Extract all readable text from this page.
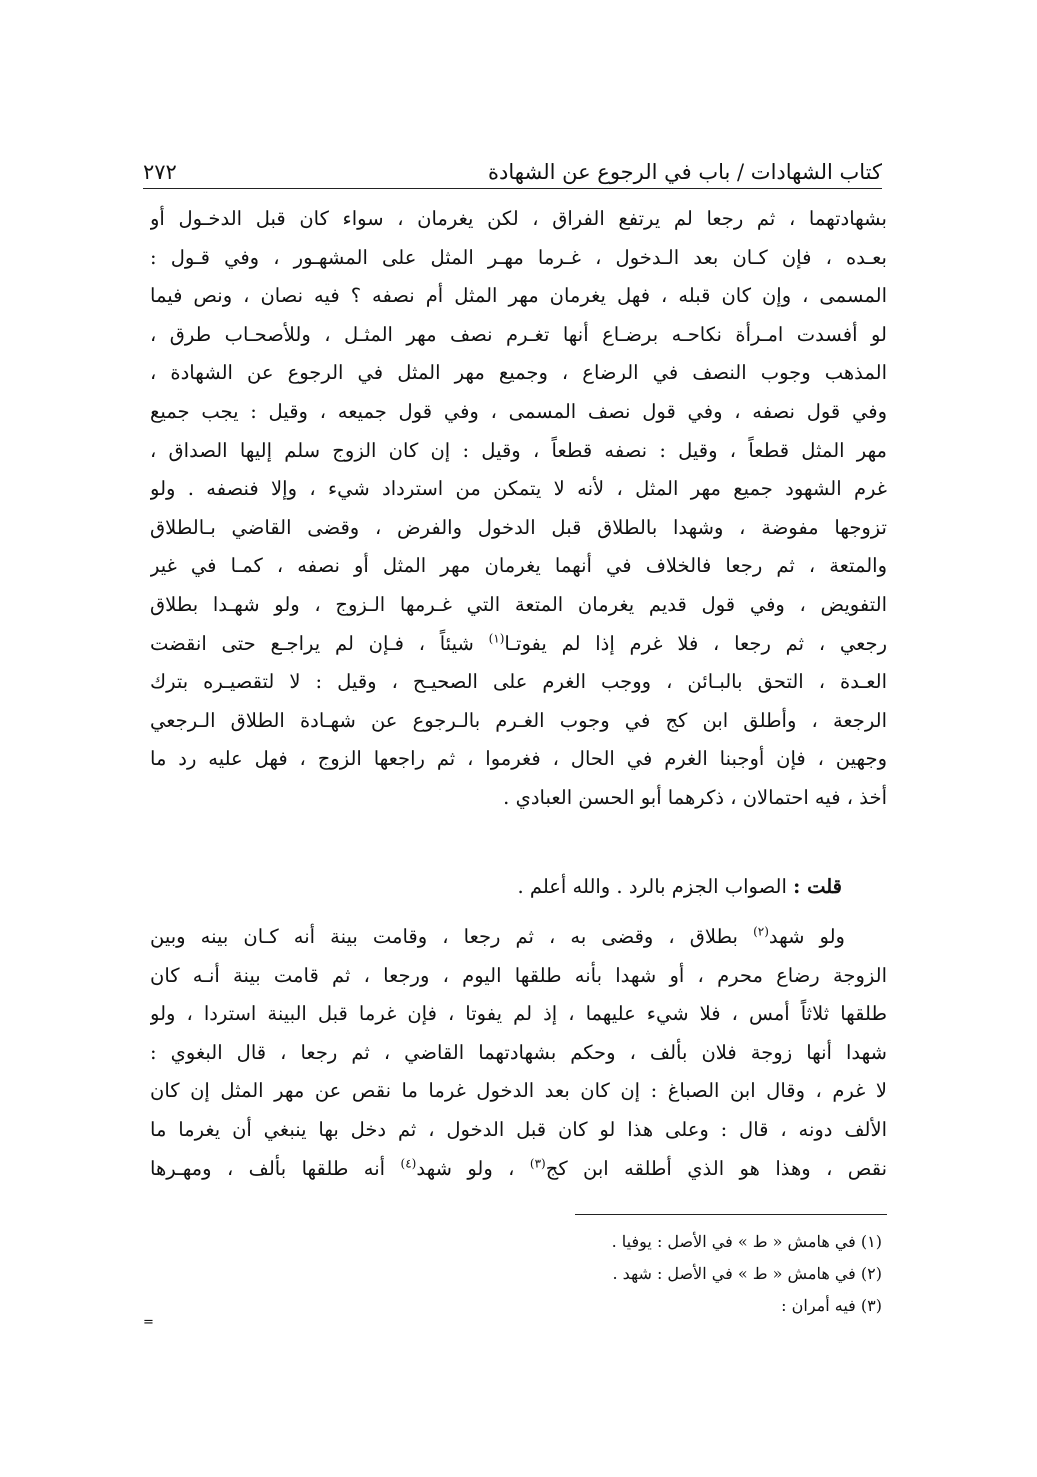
كتاب الشهادات / باب في الرجوع عن الشهادة
٢٧٢
بشهادتهما ، ثم رجعا لم يرتفع الفراق ، لكن يغرمان ، سواء كان قبل الدخـول أو
بعـده ، فإن كـان بعد الـدخول ، غـرما مهـر المثل على المشهـور ، وفي قـول :
المسمى ، وإن كان قبله ، فهل يغرمان مهر المثل أم نصفه ؟ فيه نصان ، ونص فيما
لو أفسدت امـرأة نكاحـه برضـاع أنها تغـرم نصف مهر المثـل ، وللأصحـاب طرق ،
المذهب وجوب النصف في الرضاع ، وجميع مهر المثل في الرجوع عن الشهادة ،
وفي قول نصفه ، وفي قول نصف المسمى ، وفي قول جميعه ، وقيل : يجب جميع
مهر المثل قطعاً ، وقيل : نصفه قطعاً ، وقيل : إن كان الزوج سلم إليها الصداق ،
غرم الشهود جميع مهر المثل ، لأنه لا يتمكن من استرداد شيء ، وإلا فنصفه . ولو
تزوجها مفوضة ، وشهدا بالطلاق قبل الدخول والفرض ، وقضى القاضي بـالطلاق
والمتعة ، ثم رجعا فالخلاف في أنهما يغرمان مهر المثل أو نصفه ، كمـا في غير
التفويض ، وفي قول قديم يغرمان المتعة التي غـرمها الـزوج ، ولو شهـدا بطلاق
رجعي ، ثم رجعا ، فلا غرم إذا لم يفوتـا$^{(١)}$ شيئاً ، فـإن لم يراجـع حتى انقضت
العـدة ، التحق بالبـائن ، ووجب الغرم على الصحيـح ، وقيل : لا لتقصيـره بترك
الرجعة ، وأطلق ابن كج في وجوب الغـرم بالـرجوع عن شهـادة الطلاق الـرجعي
وجهين ، فإن أوجبنا الغرم في الحال ، فغرموا ، ثم راجعها الزوج ، فهل عليه رد ما
أخذ ، فيه احتمالان ، ذكرهما أبو الحسن العبادي .
قلت : الصواب الجزم بالرد . والله أعلم .
ولو شهد$^{(٢)}$ بطلاق ، وقضى به ، ثم رجعا ، وقامت بينة أنه كـان بينه وبين
الزوجة رضاع محرم ، أو شهدا بأنه طلقها اليوم ، ورجعا ، ثم قامت بينة أنـه كان
طلقها ثلاثاً أمس ، فلا شيء عليهما ، إذ لم يفوتا ، فإن غرما قبل البينة استردا ، ولو
شهدا أنها زوجة فلان بألف ، وحكم بشهادتهما القاضي ، ثم رجعا ، قال البغوي :
لا غرم ، وقال ابن الصباغ : إن كان بعد الدخول غرما ما نقص عن مهر المثل إن كان
الألف دونه ، قال : وعلى هذا لو كان قبل الدخول ، ثم دخل بها ينبغي أن يغرما ما
نقص ، وهذا هو الذي أطلقه ابن كج$^{(٣)}$ ، ولو شهد$^{(٤)}$ أنه طلقها بألف ، ومهـرها
(١) في هامش « ط » في الأصل : يوفيا .
(٢) في هامش « ط » في الأصل : شهد .
(٣) فيه أمران :
=
